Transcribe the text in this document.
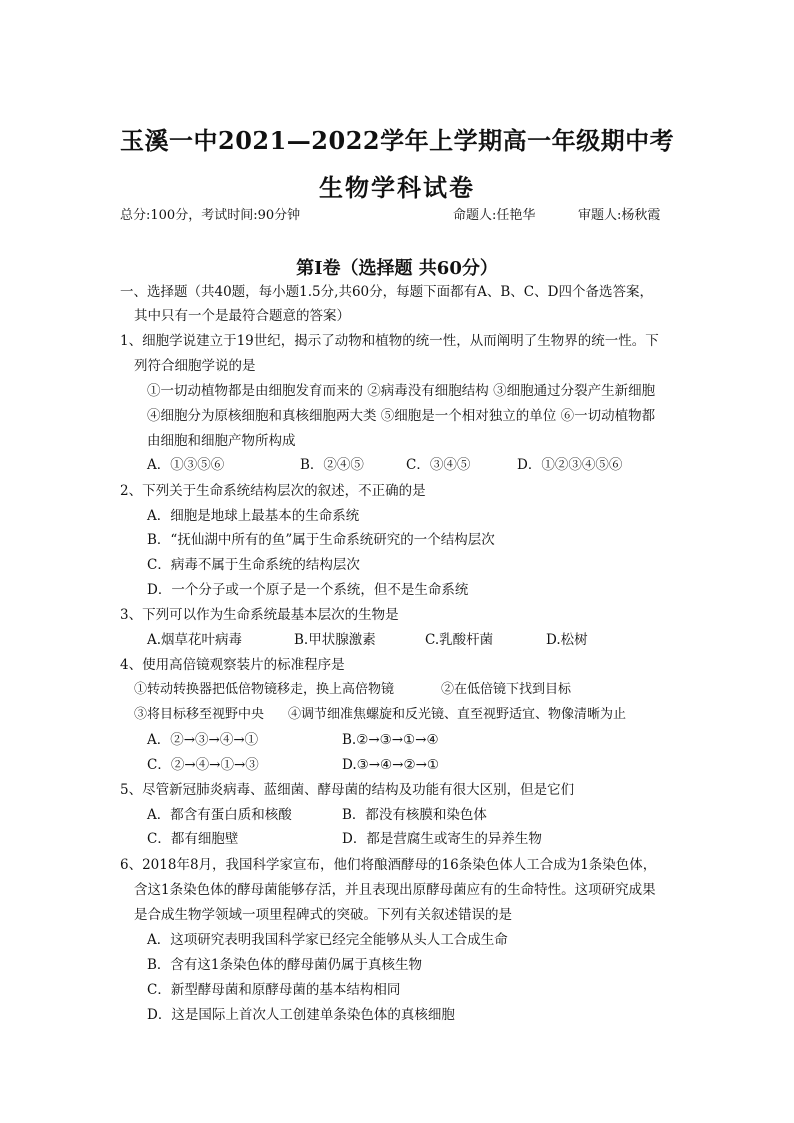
玉溪一中2021—2022学年上学期高一年级期中考
生物学科试卷
总分:100分，考试时间:90分钟	命题人:任艳华	审题人:杨秋霞
第Ⅰ卷（选择题 共60分）
一、选择题（共40题，每小题1.5分,共60分，每题下面都有A、B、C、D四个备选答案，
其中只有一个是最符合题意的答案）
1、细胞学说建立于19世纪，揭示了动物和植物的统一性，从而阐明了生物界的统一性。下
列符合细胞学说的是
①一切动植物都是由细胞发育而来的 ②病毒没有细胞结构 ③细胞通过分裂产生新细胞
④细胞分为原核细胞和真核细胞两大类 ⑤细胞是一个相对独立的单位 ⑥一切动植物都
由细胞和细胞产物所构成
A．①③⑤⑥	B．②④⑤	C．③④⑤	D．①②③④⑤⑥
2、下列关于生命系统结构层次的叙述，不正确的是
A．细胞是地球上最基本的生命系统
B．“抚仙湖中所有的鱼”属于生命系统研究的一个结构层次
C．病毒不属于生命系统的结构层次
D．一个分子或一个原子是一个系统，但不是生命系统
3、下列可以作为生命系统最基本层次的生物是
A.烟草花叶病毒	B.甲状腺激素	C.乳酸杆菌	D.松树
4、使用高倍镜观察装片的标准程序是
①转动转换器把低倍物镜移走，换上高倍物镜	②在低倍镜下找到目标
③将目标移至视野中央 ④调节细准焦螺旋和反光镜、直至视野适宜、物像清晰为止
A．②→③→④→①	B.②→③→①→④
C．②→④→①→③	D.③→④→②→①
5、尽管新冠肺炎病毒、蓝细菌、酵母菌的结构及功能有很大区别，但是它们
A．都含有蛋白质和核酸	B．都没有核膜和染色体
C．都有细胞壁	D．都是营腐生或寄生的异养生物
6、2018年8月，我国科学家宣布，他们将酿酒酵母的16条染色体人工合成为1条染色体，
含这1条染色体的酵母菌能够存活，并且表现出原酵母菌应有的生命特性。这项研究成果
是合成生物学领域一项里程碑式的突破。下列有关叙述错误的是
A．这项研究表明我国科学家已经完全能够从头人工合成生命
B．含有这1条染色体的酵母菌仍属于真核生物
C．新型酵母菌和原酵母菌的基本结构相同
D．这是国际上首次人工创建单条染色体的真核细胞
